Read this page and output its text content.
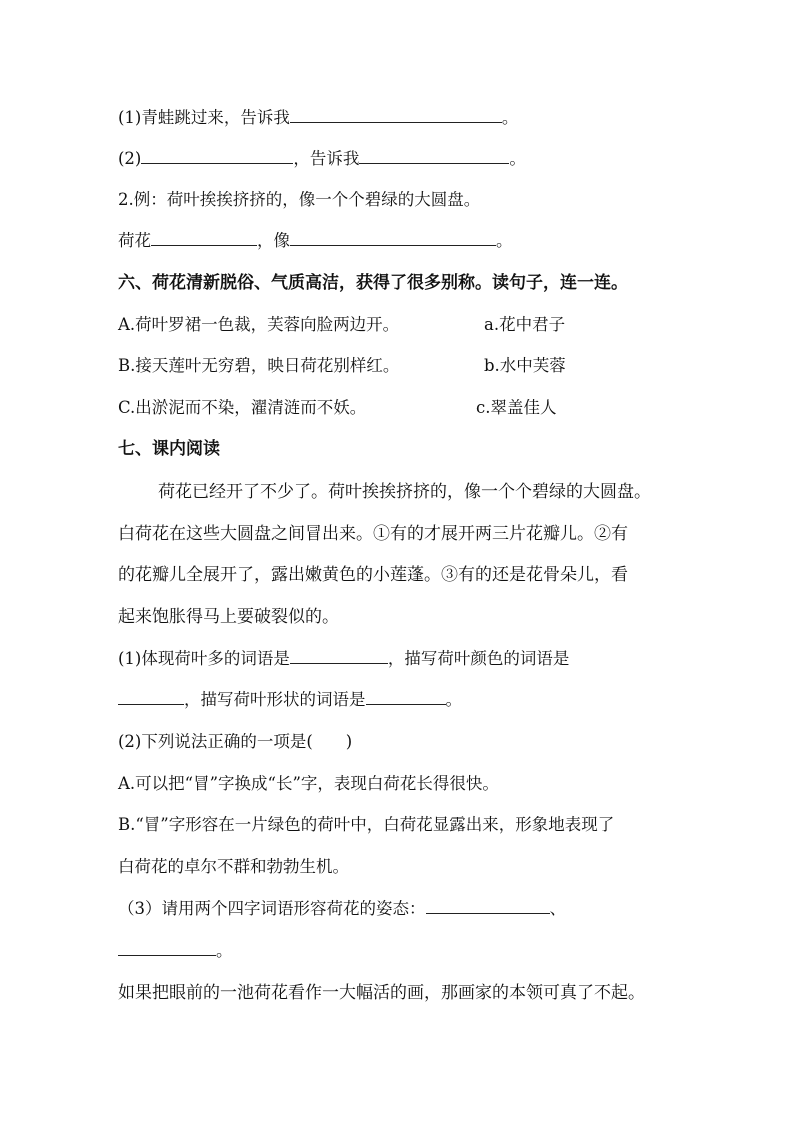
(1)青蛙跳过来，告诉我	。
(2)	，告诉我	。
2.例：荷叶挨挨挤挤的，像一个个碧绿的大圆盘。
荷花	，像	。
六、荷花清新脱俗、气质高洁，获得了很多别称。读句子，连一连。
A.荷叶罗裙一色裁，芙蓉向脸两边开。	a.花中君子
B.接天莲叶无穷碧，映日荷花别样红。	b.水中芙蓉
C.出淤泥而不染，濯清涟而不妖。	c.翠盖佳人
七、课内阅读
荷花已经开了不少了。荷叶挨挨挤挤的，像一个个碧绿的大圆盘。
白荷花在这些大圆盘之间冒出来。①有的才展开两三片花瓣儿。②有
的花瓣儿全展开了，露出嫩黄色的小莲蓬。③有的还是花骨朵儿，看
起来饱胀得马上要破裂似的。
(1)体现荷叶多的词语是	，描写荷叶颜色的词语是
，描写荷叶形状的词语是	。
(2)下列说法正确的一项是(　　)
A.可以把“冒”字换成“长”字，表现白荷花长得很快。
B.“冒”字形容在一片绿色的荷叶中，白荷花显露出来，形象地表现了
白荷花的卓尔不群和勃勃生机。
（3）请用两个四字词语形容荷花的姿态：	、
。
如果把眼前的一池荷花看作一大幅活的画，那画家的本领可真了不起。
